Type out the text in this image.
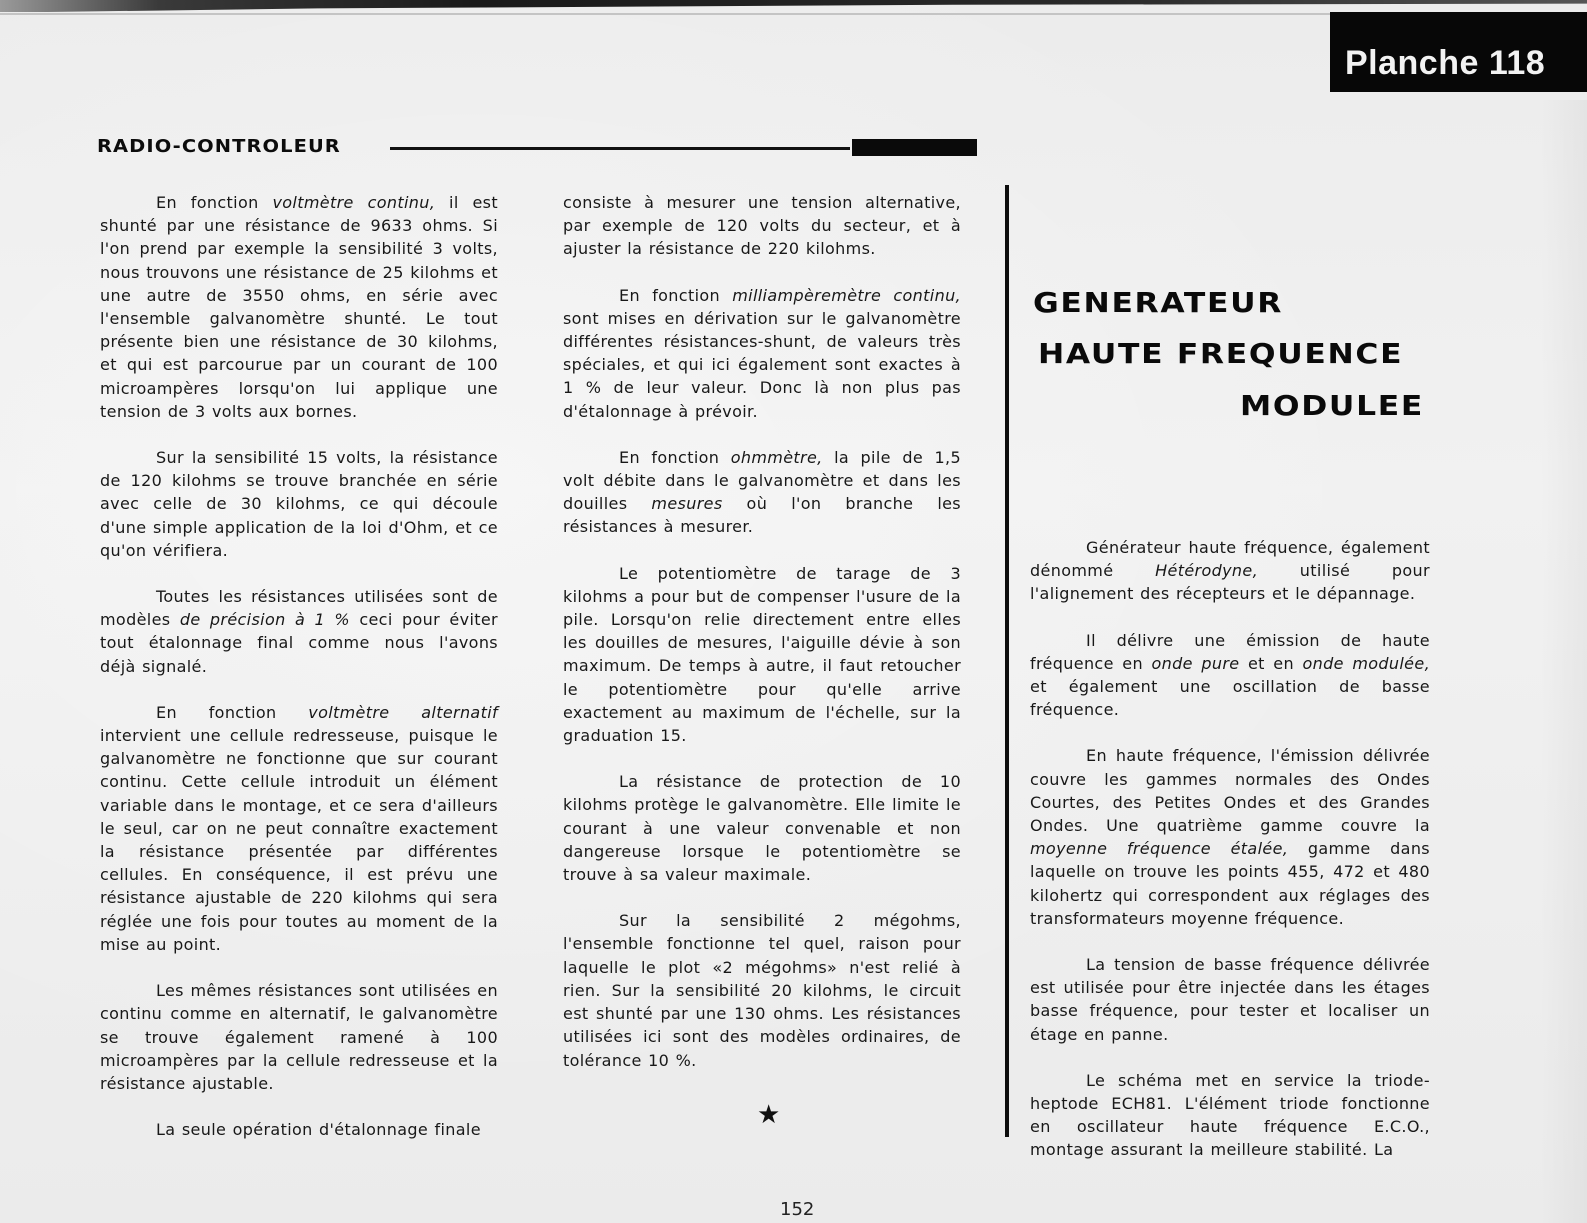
Planche 118
RADIO-CONTROLEUR

En fonction voltmètre continu, il est shunté par une résistance de 9633 ohms. Si l'on prend par exemple la sensibilité 3 volts, nous trouvons une résistance de 25 kilohms et une autre de 3550 ohms, en série avec l'ensemble galvanomètre shunté. Le tout présente bien une résistance de 30 kilohms, et qui est parcourue par un courant de 100 microampères lorsqu'on lui applique une tension de 3 volts aux bornes.

Sur la sensibilité 15 volts, la résistance de 120 kilohms se trouve branchée en série avec celle de 30 kilohms, ce qui découle d'une simple application de la loi d'Ohm, et ce qu'on vérifiera.

Toutes les résistances utilisées sont de modèles de précision à 1 % ceci pour éviter tout étalonnage final comme nous l'avons déjà signalé.

En fonction voltmètre alternatif intervient une cellule redresseuse, puisque le galvanomètre ne fonctionne que sur courant continu. Cette cellule introduit un élément variable dans le montage, et ce sera d'ailleurs le seul, car on ne peut connaître exactement la résistance présentée par différentes cellules. En conséquence, il est prévu une résistance ajustable de 220 kilohms qui sera réglée une fois pour toutes au moment de la mise au point.

Les mêmes résistances sont utilisées en continu comme en alternatif, le galvanomètre se trouve également ramené à 100 microampères par la cellule redresseuse et la résistance ajustable.

La seule opération d'étalonnage finale

consiste à mesurer une tension alternative, par exemple de 120 volts du secteur, et à ajuster la résistance de 220 kilohms.

En fonction milliampèremètre continu, sont mises en dérivation sur le galvanomètre différentes résistances-shunt, de valeurs très spéciales, et qui ici également sont exactes à 1 % de leur valeur. Donc là non plus pas d'étalonnage à prévoir.

En fonction ohmmètre, la pile de 1,5 volt débite dans le galvanomètre et dans les douilles mesures où l'on branche les résistances à mesurer.

Le potentiomètre de tarage de 3 kilohms a pour but de compenser l'usure de la pile. Lorsqu'on relie directement entre elles les douilles de mesures, l'aiguille dévie à son maximum. De temps à autre, il faut retoucher le potentiomètre pour qu'elle arrive exactement au maximum de l'échelle, sur la graduation 15.

La résistance de protection de 10 kilohms protège le galvanomètre. Elle limite le courant à une valeur convenable et non dangereuse lorsque le potentiomètre se trouve à sa valeur maximale.

Sur la sensibilité 2 mégohms, l'ensemble fonctionne tel quel, raison pour laquelle le plot «2 mégohms» n'est relié à rien. Sur la sensibilité 20 kilohms, le circuit est shunté par une 130 ohms. Les résistances utilisées ici sont des modèles ordinaires, de tolérance 10 %.

GENERATEUR
HAUTE FREQUENCE
MODULEE

Générateur haute fréquence, également dénommé Hétérodyne, utilisé pour l'alignement des récepteurs et le dépannage.

Il délivre une émission de haute fréquence en onde pure et en onde modulée, et également une oscillation de basse fréquence.

En haute fréquence, l'émission délivrée couvre les gammes normales des Ondes Courtes, des Petites Ondes et des Grandes Ondes. Une quatrième gamme couvre la moyenne fréquence étalée, gamme dans laquelle on trouve les points 455, 472 et 480 kilohertz qui correspondent aux réglages des transformateurs moyenne fréquence.

La tension de basse fréquence délivrée est utilisée pour être injectée dans les étages basse fréquence, pour tester et localiser un étage en panne.

Le schéma met en service la triode-heptode ECH81. L'élément triode fonctionne en oscillateur haute fréquence E.C.O., montage assurant la meilleure stabilité. La

★
152
